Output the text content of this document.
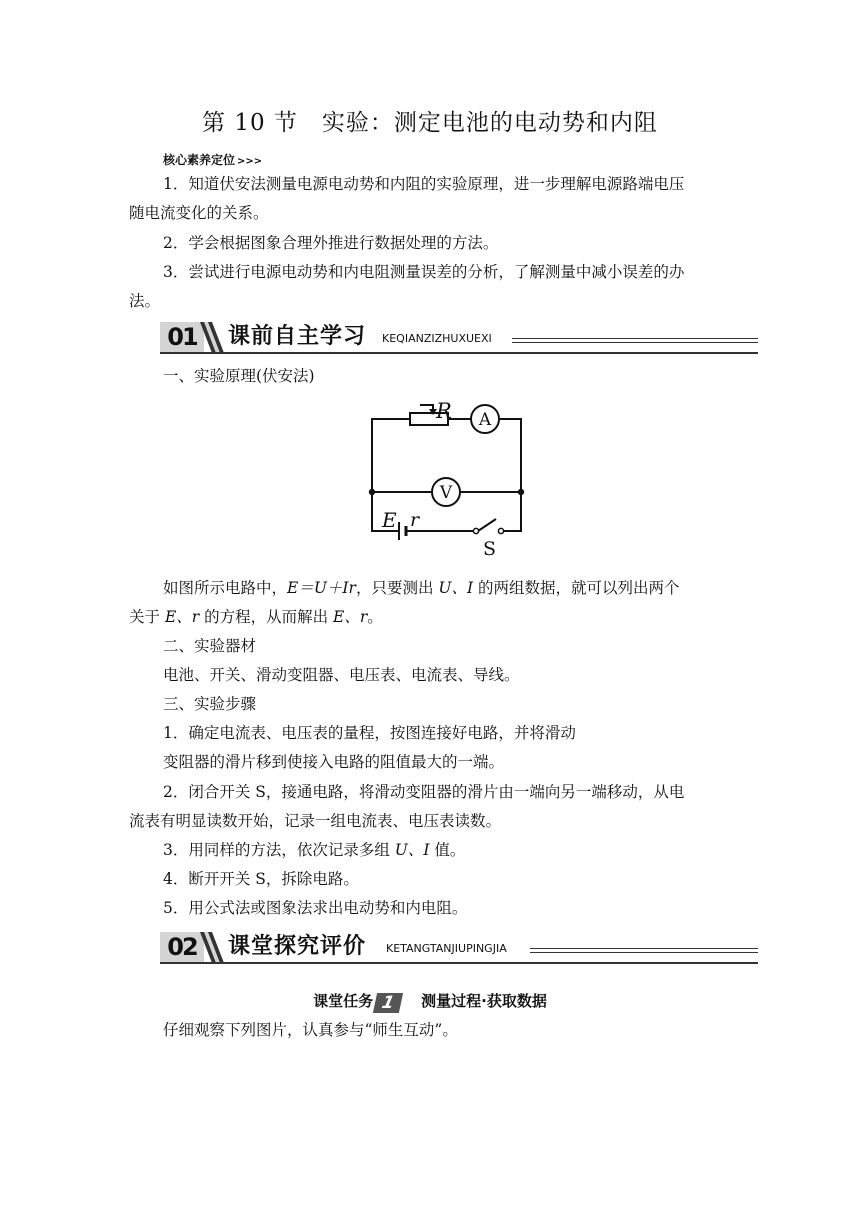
第 10 节　实验：测定电池的电动势和内阻
核心素养定位 >>>
1．知道伏安法测量电源电动势和内阻的实验原理，进一步理解电源路端电压
随电流变化的关系。
2．学会根据图象合理外推进行数据处理的方法。
3．尝试进行电源电动势和内电阻测量误差的分析，了解测量中减小误差的办
法。
01	课前自主学习 KEQIANZIZHUXUEXI
一、实验原理(伏安法)
R A
V
E r
S
如图所示电路中，E＝U＋Ir，只要测出 U、I 的两组数据，就可以列出两个
关于 E、r 的方程，从而解出 E、r。
二、实验器材
电池、开关、滑动变阻器、电压表、电流表、导线。
三、实验步骤
1．确定电流表、电压表的量程，按图连接好电路，并将滑动
变阻器的滑片移到使接入电路的阻值最大的一端。
2．闭合开关 S，接通电路，将滑动变阻器的滑片由一端向另一端移动，从电
流表有明显读数开始，记录一组电流表、电压表读数。
3．用同样的方法，依次记录多组 U、I 值。
4．断开开关 S，拆除电路。
5．用公式法或图象法求出电动势和内电阻。
02	课堂探究评价 KETANGTANJIUPINGJIA
课堂任务 1 测量过程·获取数据
仔细观察下列图片，认真参与“师生互动”。
